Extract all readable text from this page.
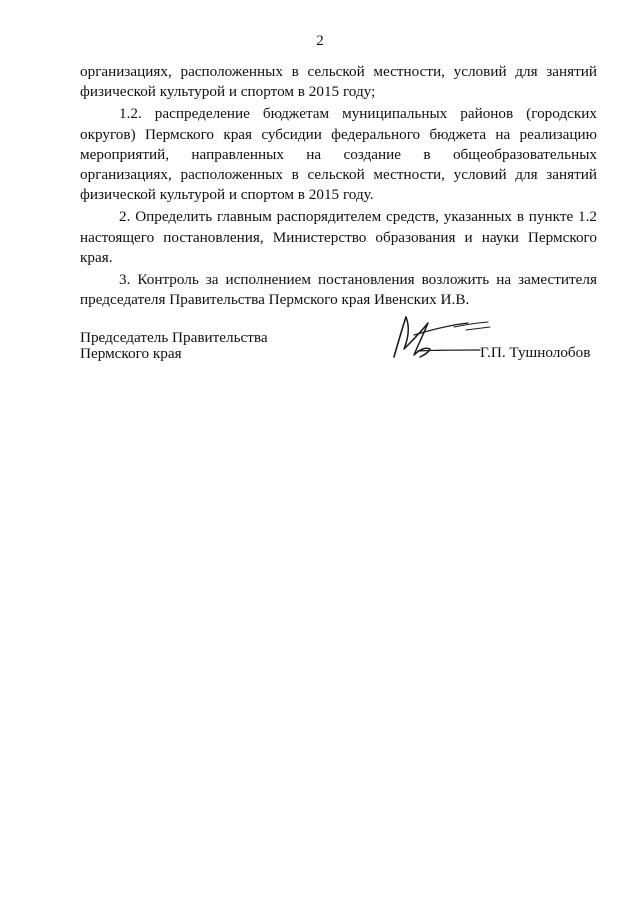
2

организациях, расположенных в сельской местности, условий для занятий физической культурой и спортом в 2015 году;

1.2. распределение бюджетам муниципальных районов (городских округов) Пермского края субсидии федерального бюджета на реализацию мероприятий, направленных на создание в общеобразовательных организациях, расположенных в сельской местности, условий для занятий физической культурой и спортом в 2015 году.

2. Определить главным распорядителем средств, указанных в пункте 1.2 настоящего постановления, Министерство образования и науки Пермского края.

3. Контроль за исполнением постановления возложить на заместителя председателя Правительства Пермского края Ивенских И.В.

Председатель Правительства
Пермского края	Г.П. Тушнолобов
